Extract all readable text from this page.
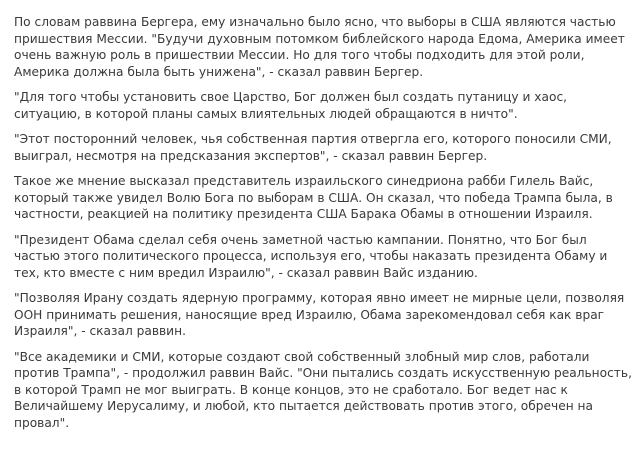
По словам раввина Бергера, ему изначально было ясно, что выборы в США являются частью пришествия Мессии. "Будучи духовным потомком библейского народа Едома, Америка имеет очень важную роль в пришествии Мессии. Но для того чтобы подходить для этой роли, Америка должна была быть унижена", - сказал раввин Бергер.

"Для того чтобы установить свое Царство, Бог должен был создать путаницу и хаос, ситуацию, в которой планы самых влиятельных людей обращаются в ничто".

"Этот посторонний человек, чья собственная партия отвергла его, которого поносили СМИ, выиграл, несмотря на предсказания экспертов", - сказал раввин Бергер.

Такое же мнение высказал представитель израильского синедриона рабби Гилель Вайс, который также увидел Волю Бога по выборам в США. Он сказал, что победа Трампа была, в частности, реакцией на политику президента США Барака Обамы в отношении Израиля.

"Президент Обама сделал себя очень заметной частью кампании. Понятно, что Бог был частью этого политического процесса, используя его, чтобы наказать президента Обаму и тех, кто вместе с ним вредил Израилю", - сказал раввин Вайс изданию.

"Позволяя Ирану создать ядерную программу, которая явно имеет не мирные цели, позволяя ООН принимать решения, наносящие вред Израилю, Обама зарекомендовал себя как враг Израиля", - сказал раввин.

"Все академики и СМИ, которые создают свой собственный злобный мир слов, работали против Трампа", - продолжил раввин Вайс. "Они пытались создать искусственную реальность, в которой Трамп не мог выиграть. В конце концов, это не сработало. Бог ведет нас к Величайшему Иерусалиму, и любой, кто пытается действовать против этого, обречен на провал".
